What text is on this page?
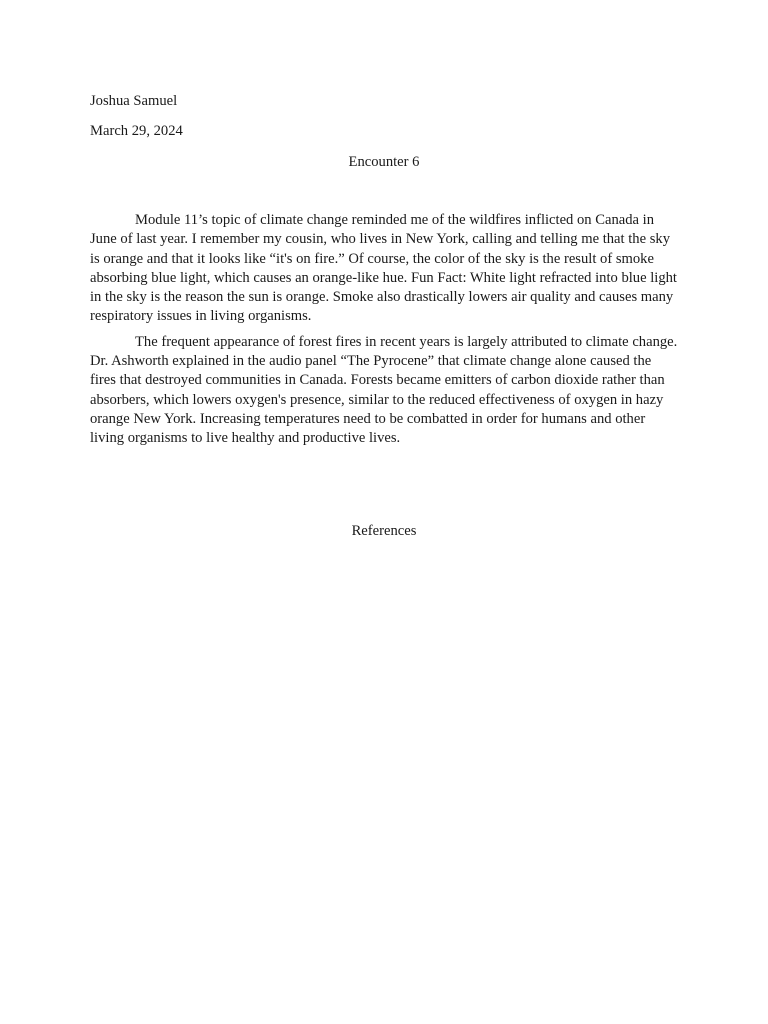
Joshua Samuel
March 29, 2024
Encounter 6

Module 11’s topic of climate change reminded me of the wildfires inflicted on Canada in June of last year. I remember my cousin, who lives in New York, calling and telling me that the sky is orange and that it looks like “it's on fire.” Of course, the color of the sky is the result of smoke absorbing blue light, which causes an orange-like hue. Fun Fact: White light refracted into blue light in the sky is the reason the sun is orange. Smoke also drastically lowers air quality and causes many respiratory issues in living organisms.

The frequent appearance of forest fires in recent years is largely attributed to climate change. Dr. Ashworth explained in the audio panel “The Pyrocene” that climate change alone caused the fires that destroyed communities in Canada. Forests became emitters of carbon dioxide rather than absorbers, which lowers oxygen's presence, similar to the reduced effectiveness of oxygen in hazy orange New York. Increasing temperatures need to be combatted in order for humans and other living organisms to live healthy and productive lives.

References
